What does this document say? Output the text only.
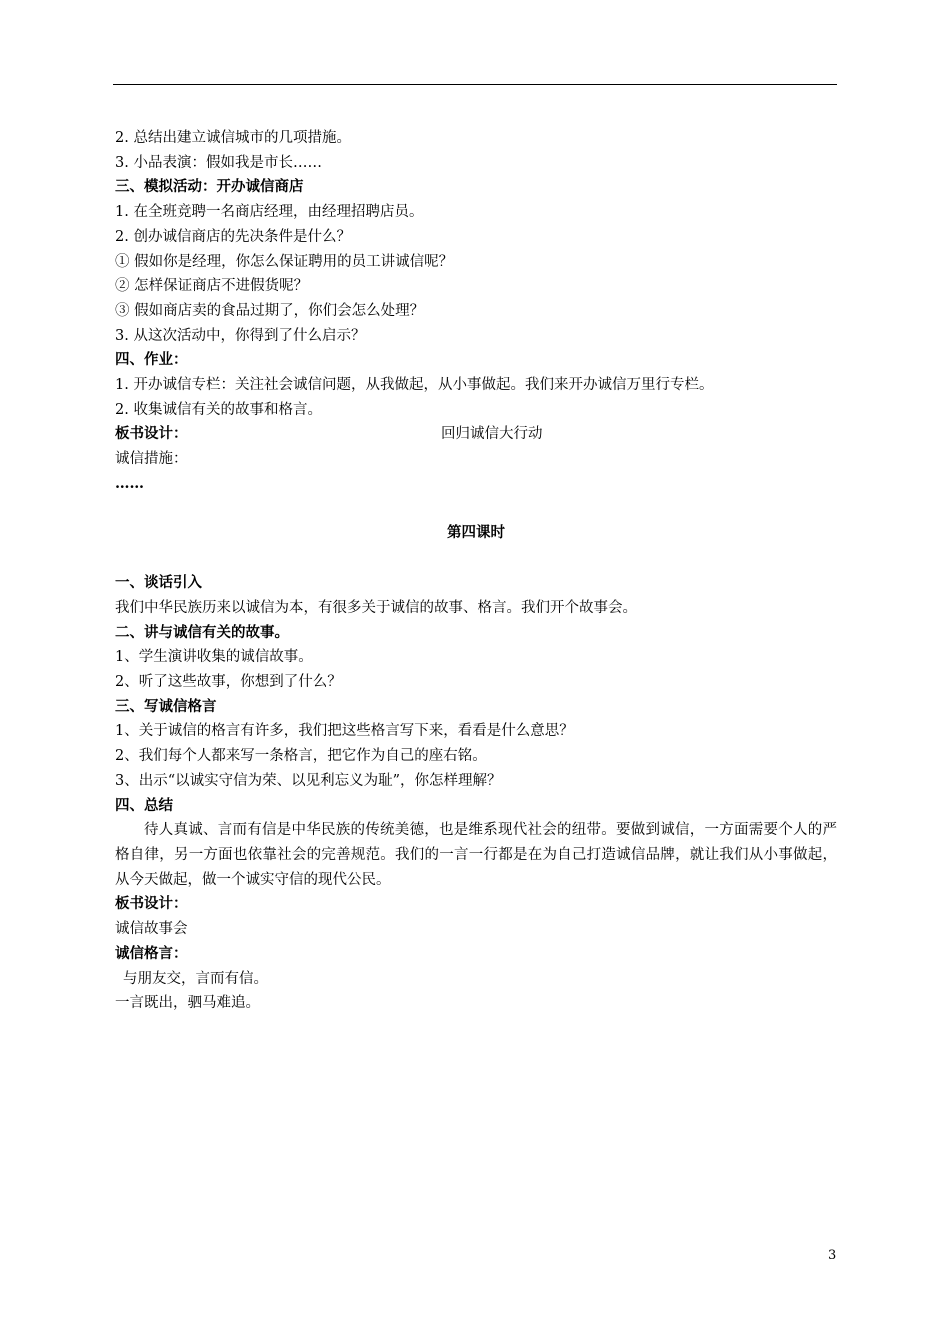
2. 总结出建立诚信城市的几项措施。
3. 小品表演：假如我是市长……
三、模拟活动：开办诚信商店
1. 在全班竞聘一名商店经理，由经理招聘店员。
2. 创办诚信商店的先决条件是什么？
① 假如你是经理，你怎么保证聘用的员工讲诚信呢？
② 怎样保证商店不进假货呢？
③ 假如商店卖的食品过期了，你们会怎么处理？
3. 从这次活动中，你得到了什么启示？
四、作业：
1. 开办诚信专栏：关注社会诚信问题，从我做起，从小事做起。我们来开办诚信万里行专栏。
2. 收集诚信有关的故事和格言。
板书设计：	回归诚信大行动
诚信措施：
……
第四课时
一、谈话引入
我们中华民族历来以诚信为本，有很多关于诚信的故事、格言。我们开个故事会。
二、讲与诚信有关的故事。
1、学生演讲收集的诚信故事。
2、听了这些故事，你想到了什么？
三、写诚信格言
1、关于诚信的格言有许多，我们把这些格言写下来，看看是什么意思？
2、我们每个人都来写一条格言，把它作为自己的座右铭。
3、出示“以诚实守信为荣、以见利忘义为耻”，你怎样理解？
四、总结
待人真诚、言而有信是中华民族的传统美德，也是维系现代社会的纽带。要做到诚信，一方面需要个人的严格自律，另一方面也依靠社会的完善规范。我们的一言一行都是在为自己打造诚信品牌，就让我们从小事做起，从今天做起，做一个诚实守信的现代公民。
板书设计：
诚信故事会
诚信格言：
与朋友交，言而有信。
一言既出，驷马难追。
3
